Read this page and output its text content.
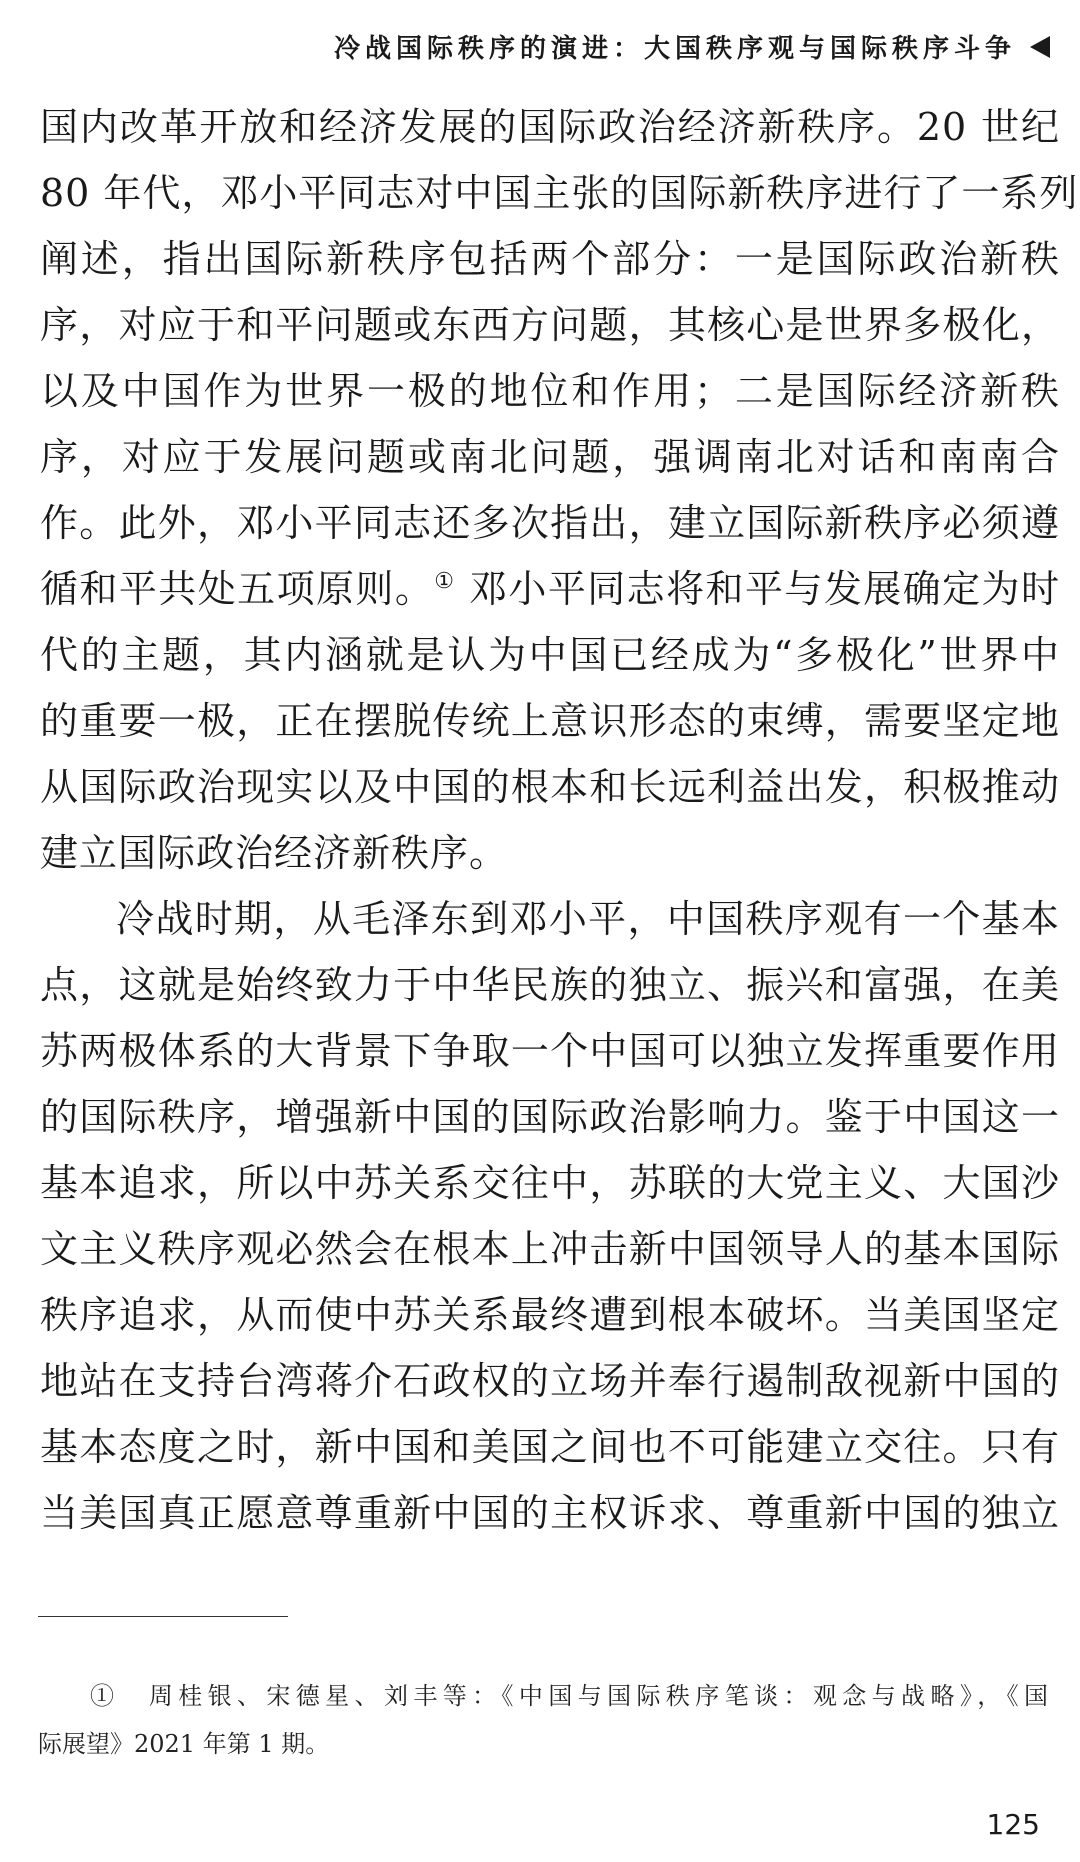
冷战国际秩序的演进：大国秩序观与国际秩序斗争
国内改革开放和经济发展的国际政治经济新秩序。20 世纪
80 年代，邓小平同志对中国主张的国际新秩序进行了一系列
阐述，指出国际新秩序包括两个部分：一是国际政治新秩
序，对应于和平问题或东西方问题，其核心是世界多极化，
以及中国作为世界一极的地位和作用；二是国际经济新秩
序，对应于发展问题或南北问题，强调南北对话和南南合
作。此外，邓小平同志还多次指出，建立国际新秩序必须遵
循和平共处五项原则。① 邓小平同志将和平与发展确定为时
代的主题，其内涵就是认为中国已经成为“多极化”世界中
的重要一极，正在摆脱传统上意识形态的束缚，需要坚定地
从国际政治现实以及中国的根本和长远利益出发，积极推动
建立国际政治经济新秩序。
冷战时期，从毛泽东到邓小平，中国秩序观有一个基本
点，这就是始终致力于中华民族的独立、振兴和富强，在美
苏两极体系的大背景下争取一个中国可以独立发挥重要作用
的国际秩序，增强新中国的国际政治影响力。鉴于中国这一
基本追求，所以中苏关系交往中，苏联的大党主义、大国沙
文主义秩序观必然会在根本上冲击新中国领导人的基本国际
秩序追求，从而使中苏关系最终遭到根本破坏。当美国坚定
地站在支持台湾蒋介石政权的立场并奉行遏制敌视新中国的
基本态度之时，新中国和美国之间也不可能建立交往。只有
当美国真正愿意尊重新中国的主权诉求、尊重新中国的独立
①　 周桂银、宋德星、刘丰等：《中国与国际秩序笔谈：观念与战略》，《国
际展望》2021 年第 1 期。
125
